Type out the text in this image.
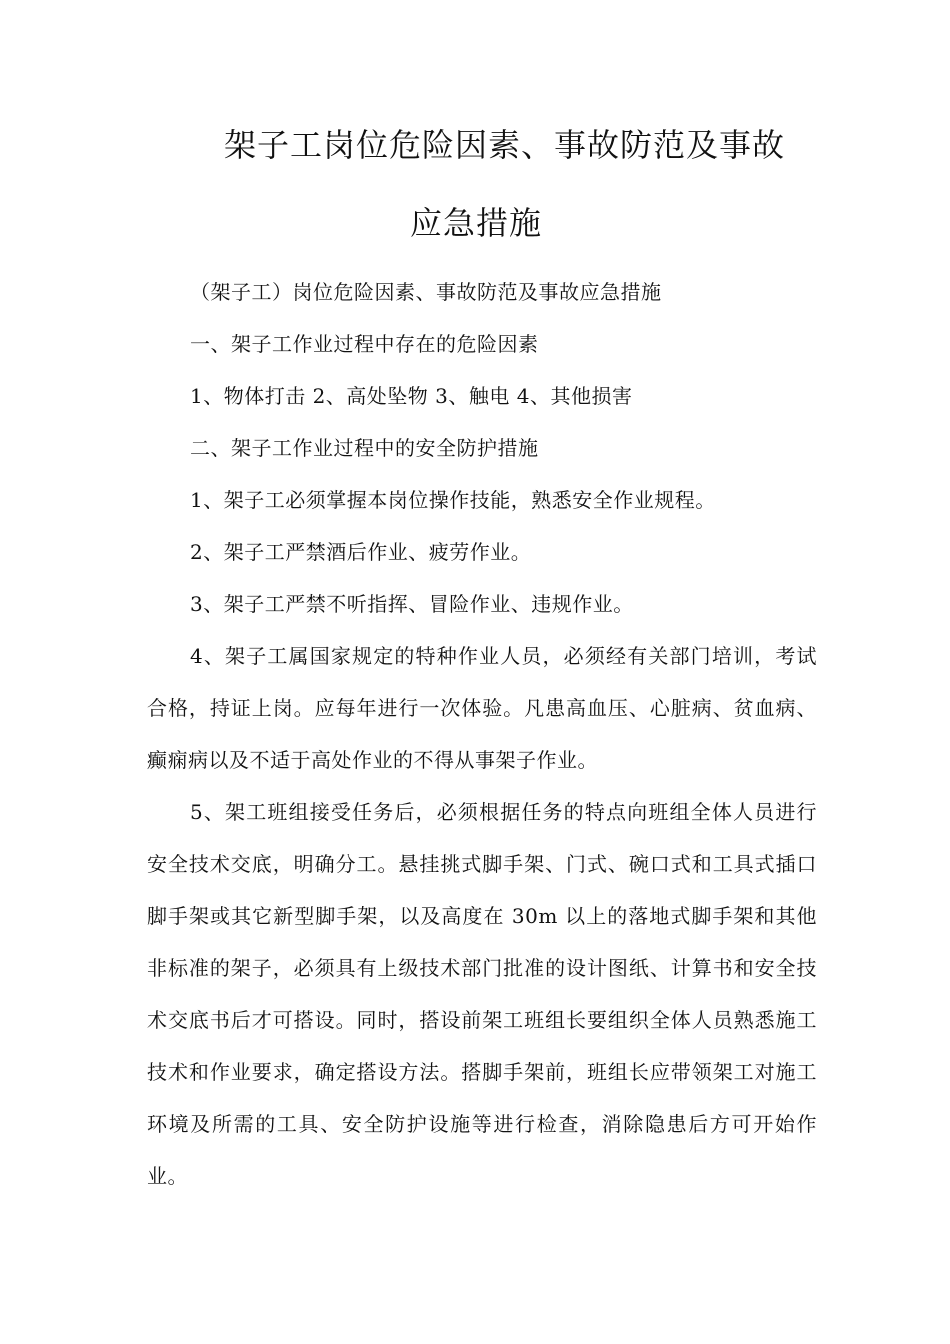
架子工岗位危险因素、事故防范及事故
应急措施
（架子工）岗位危险因素、事故防范及事故应急措施
一、架子工作业过程中存在的危险因素
1、物体打击 2、高处坠物 3、触电 4、其他损害
二、架子工作业过程中的安全防护措施
1、架子工必须掌握本岗位操作技能，熟悉安全作业规程。
2、架子工严禁酒后作业、疲劳作业。
3、架子工严禁不听指挥、冒险作业、违规作业。
4、架子工属国家规定的特种作业人员，必须经有关部门培训，考试合格，持证上岗。应每年进行一次体验。凡患高血压、心脏病、贫血病、癫痫病以及不适于高处作业的不得从事架子作业。
5、架工班组接受任务后，必须根据任务的特点向班组全体人员进行安全技术交底，明确分工。悬挂挑式脚手架、门式、碗口式和工具式插口脚手架或其它新型脚手架，以及高度在 30m 以上的落地式脚手架和其他非标准的架子，必须具有上级技术部门批准的设计图纸、计算书和安全技术交底书后才可搭设。同时，搭设前架工班组长要组织全体人员熟悉施工技术和作业要求，确定搭设方法。搭脚手架前，班组长应带领架工对施工环境及所需的工具、安全防护设施等进行检查，消除隐患后方可开始作业。
